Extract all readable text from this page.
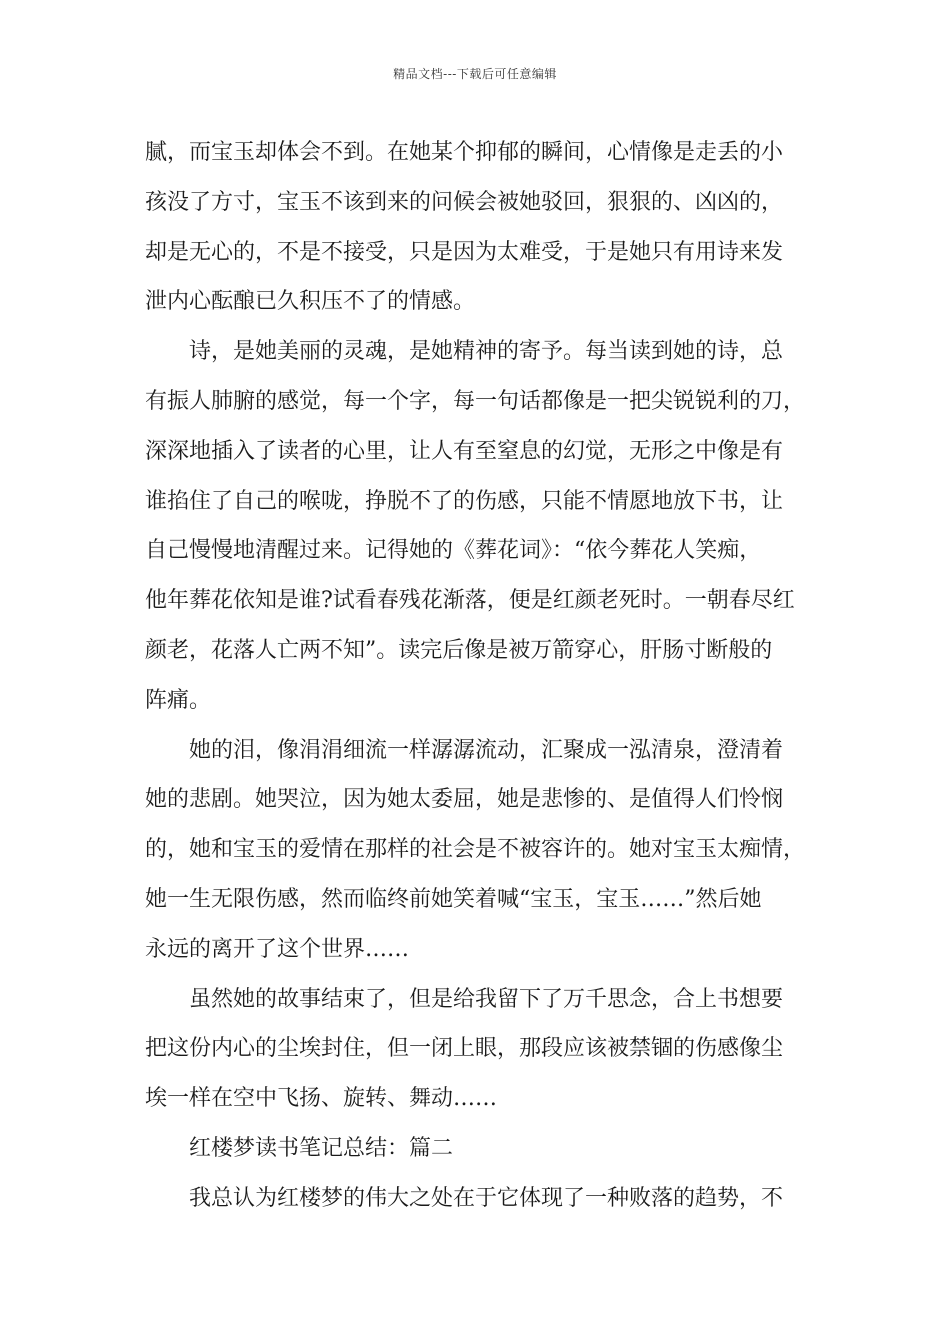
精品文档---下载后可任意编辑
腻，而宝玉却体会不到。在她某个抑郁的瞬间，心情像是走丢的小
孩没了方寸，宝玉不该到来的问候会被她驳回，狠狠的、凶凶的，
却是无心的，不是不接受，只是因为太难受，于是她只有用诗来发
泄内心酝酿已久积压不了的情感。
　　诗，是她美丽的灵魂，是她精神的寄予。每当读到她的诗，总
有振人肺腑的感觉，每一个字，每一句话都像是一把尖锐锐利的刀，
深深地插入了读者的心里，让人有至窒息的幻觉，无形之中像是有
谁掐住了自己的喉咙，挣脱不了的伤感，只能不情愿地放下书，让
自己慢慢地清醒过来。记得她的《葬花词》：“依今葬花人笑痴，
他年葬花依知是谁?试看春残花渐落，便是红颜老死时。一朝春尽红
颜老，花落人亡两不知”。读完后像是被万箭穿心，肝肠寸断般的
阵痛。
　　她的泪，像涓涓细流一样潺潺流动，汇聚成一泓清泉，澄清着
她的悲剧。她哭泣，因为她太委屈，她是悲惨的、是值得人们怜悯
的，她和宝玉的爱情在那样的社会是不被容许的。她对宝玉太痴情，
她一生无限伤感，然而临终前她笑着喊“宝玉，宝玉……”然后她
永远的离开了这个世界……
　　虽然她的故事结束了，但是给我留下了万千思念，合上书想要
把这份内心的尘埃封住，但一闭上眼，那段应该被禁锢的伤感像尘
埃一样在空中飞扬、旋转、舞动……
　　红楼梦读书笔记总结：篇二
　　我总认为红楼梦的伟大之处在于它体现了一种败落的趋势，不
